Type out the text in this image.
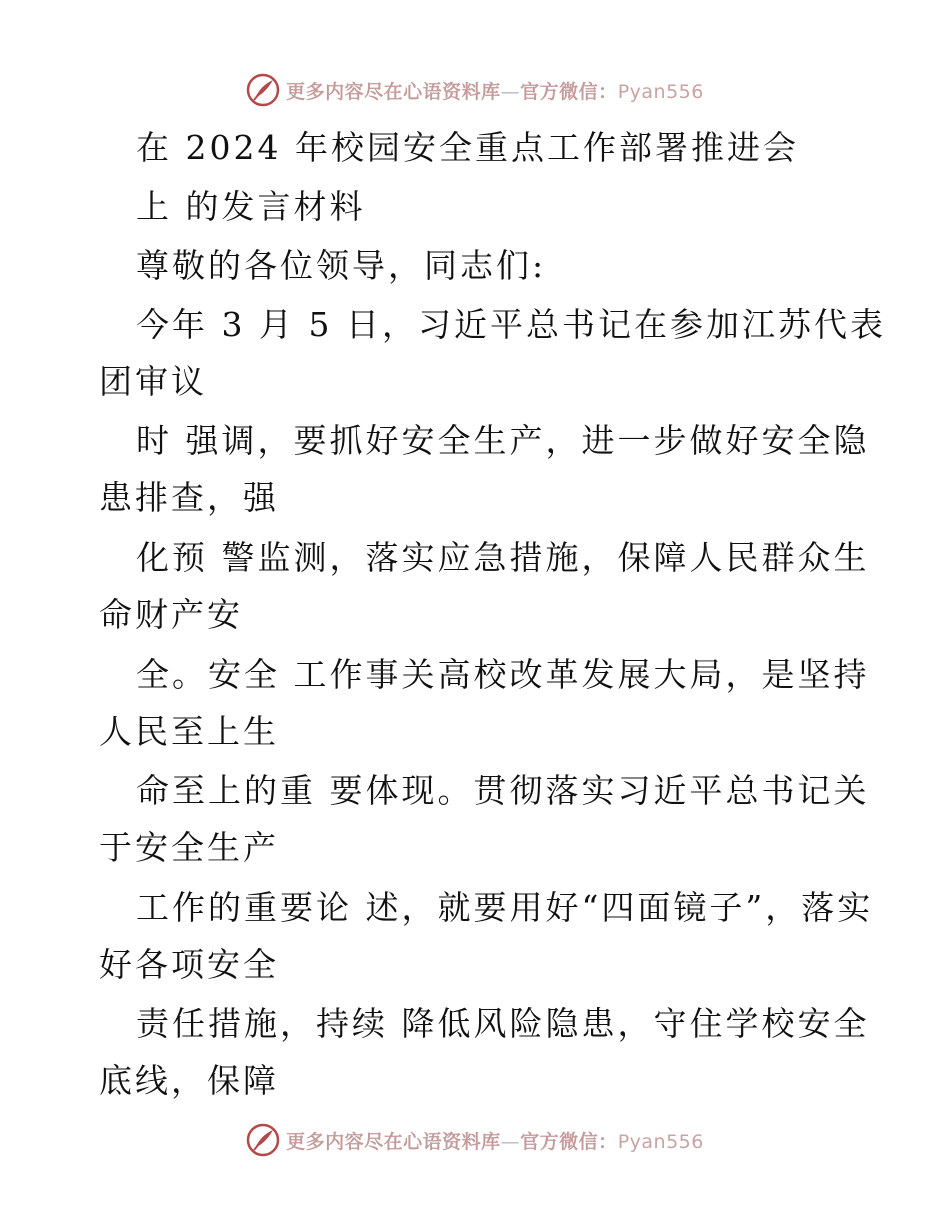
更多内容尽在心语资料库—官方微信：Pyan556
在 2024 年校园安全重点工作部署推进会
上 的发言材料
尊敬的各位领导，同志们:
今年 3 月 5 日，习近平总书记在参加江苏代表
团审议
时 强调，要抓好安全生产，进一步做好安全隐
患排查，强
化预 警监测，落实应急措施，保障人民群众生
命财产安
全。安全 工作事关高校改革发展大局，是坚持
人民至上生
命至上的重 要体现。贯彻落实习近平总书记关
于安全生产
工作的重要论 述，就要用好“四面镜子”，落实
好各项安全
责任措施，持续 降低风险隐患，守住学校安全
底线，保障
更多内容尽在心语资料库—官方微信：Pyan556
